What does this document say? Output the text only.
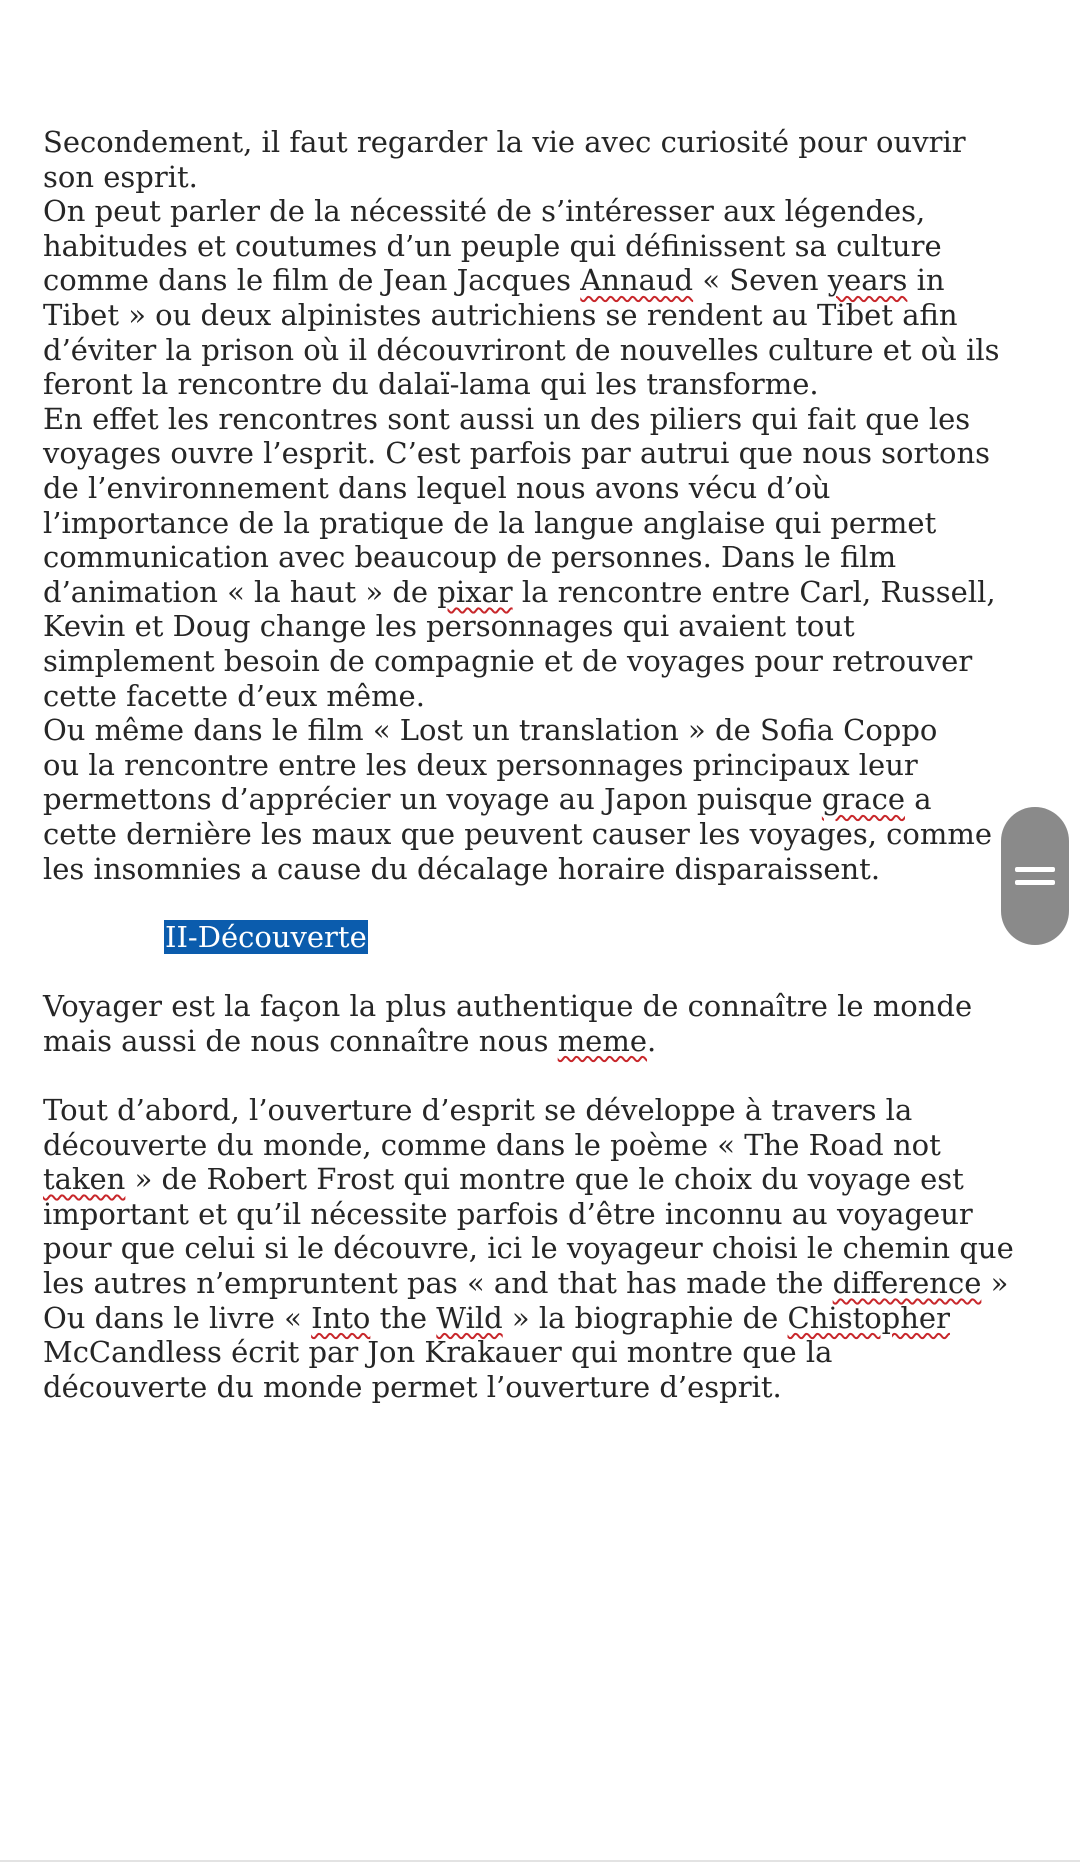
Secondement, il faut regarder la vie avec curiosité pour ouvrir
son esprit.
On peut parler de la nécessité de s’intéresser aux légendes,
habitudes et coutumes d’un peuple qui définissent sa culture
comme dans le film de Jean Jacques Annaud « Seven years in
Tibet » ou deux alpinistes autrichiens se rendent au Tibet afin
d’éviter la prison où il découvriront de nouvelles culture et où ils
feront la rencontre du dalaï-lama qui les transforme.
En effet les rencontres sont aussi un des piliers qui fait que les
voyages ouvre l’esprit. C’est parfois par autrui que nous sortons
de l’environnement dans lequel nous avons vécu d’où
l’importance de la pratique de la langue anglaise qui permet
communication avec beaucoup de personnes. Dans le film
d’animation « la haut » de pixar la rencontre entre Carl, Russell,
Kevin et Doug change les personnages qui avaient tout
simplement besoin de compagnie et de voyages pour retrouver
cette facette d’eux même.
Ou même dans le film « Lost un translation » de Sofia Coppo
ou la rencontre entre les deux personnages principaux leur
permettons d’apprécier un voyage au Japon puisque grace a
cette dernière les maux que peuvent causer les voyages, comme
les insomnies a cause du décalage horaire disparaissent.
II-Découverte
Voyager est la façon la plus authentique de connaître le monde
mais aussi de nous connaître nous meme.
Tout d’abord, l’ouverture d’esprit se développe à travers la
découverte du monde, comme dans le poème « The Road not
taken » de Robert Frost qui montre que le choix du voyage est
important et qu’il nécessite parfois d’être inconnu au voyageur
pour que celui si le découvre, ici le voyageur choisi le chemin que
les autres n’empruntent pas « and that has made the difference »
Ou dans le livre « Into the Wild » la biographie de Chistopher
McCandless écrit par Jon Krakauer qui montre que la
découverte du monde permet l’ouverture d’esprit.
